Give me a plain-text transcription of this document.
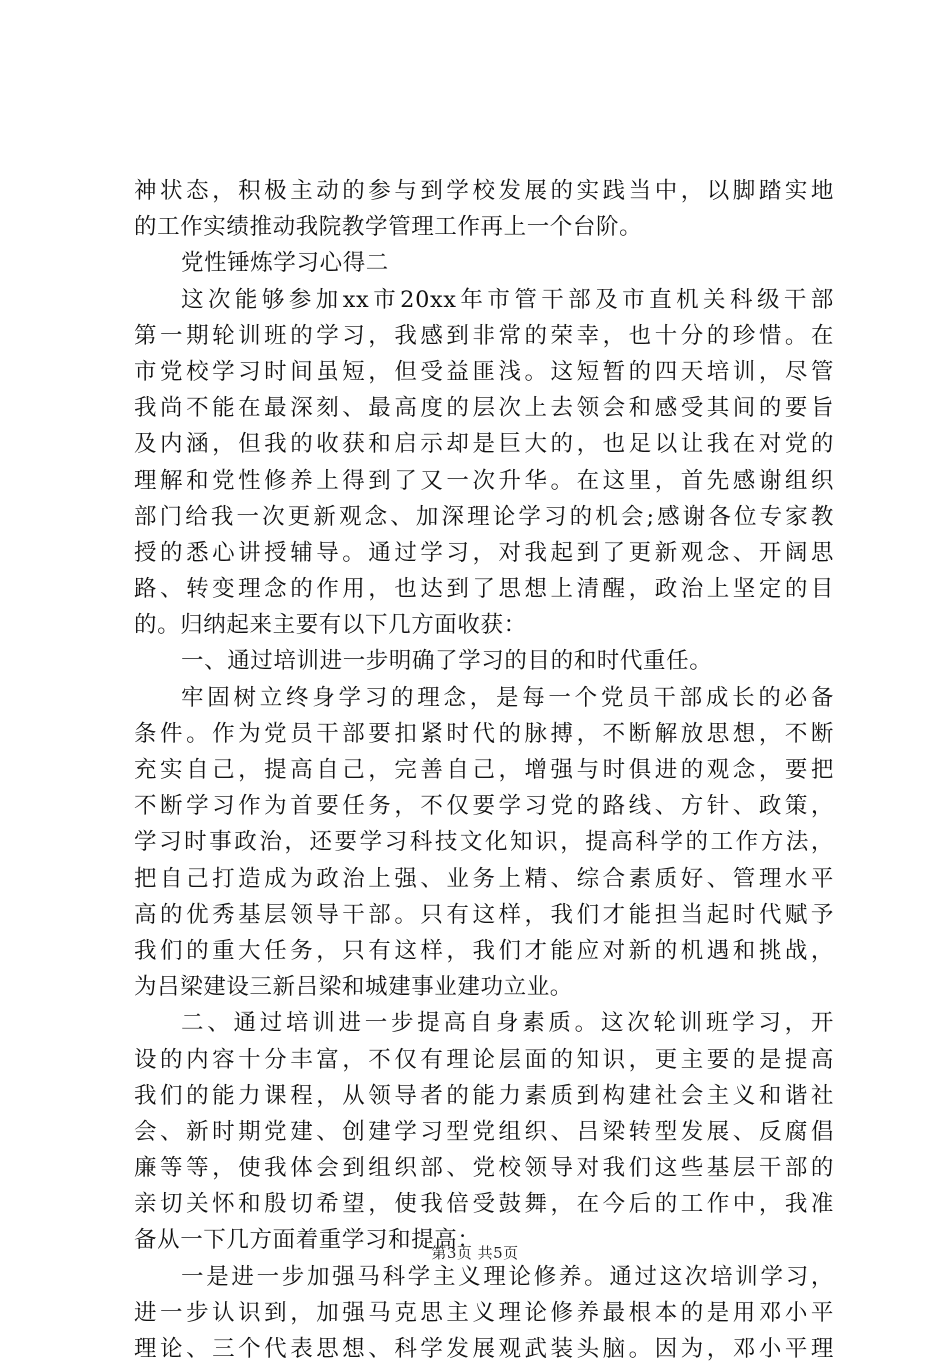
神状态，积极主动的参与到学校发展的实践当中，以脚踏实地
的工作实绩推动我院教学管理工作再上一个台阶。
党性锤炼学习心得二
这次能够参加xx市20xx年市管干部及市直机关科级干部
第一期轮训班的学习，我感到非常的荣幸，也十分的珍惜。在
市党校学习时间虽短，但受益匪浅。这短暂的四天培训，尽管
我尚不能在最深刻、最高度的层次上去领会和感受其间的要旨
及内涵，但我的收获和启示却是巨大的，也足以让我在对党的
理解和党性修养上得到了又一次升华。在这里，首先感谢组织
部门给我一次更新观念、加深理论学习的机会;感谢各位专家教
授的悉心讲授辅导。通过学习，对我起到了更新观念、开阔思
路、转变理念的作用，也达到了思想上清醒，政治上坚定的目
的。归纳起来主要有以下几方面收获：
一、通过培训进一步明确了学习的目的和时代重任。
牢固树立终身学习的理念，是每一个党员干部成长的必备
条件。作为党员干部要扣紧时代的脉搏，不断解放思想，不断
充实自己，提高自己，完善自己，增强与时俱进的观念，要把
不断学习作为首要任务，不仅要学习党的路线、方针、政策，
学习时事政治，还要学习科技文化知识，提高科学的工作方法，
把自己打造成为政治上强、业务上精、综合素质好、管理水平
高的优秀基层领导干部。只有这样，我们才能担当起时代赋予
我们的重大任务，只有这样，我们才能应对新的机遇和挑战，
为吕梁建设三新吕梁和城建事业建功立业。
二、通过培训进一步提高自身素质。这次轮训班学习，开
设的内容十分丰富，不仅有理论层面的知识，更主要的是提高
我们的能力课程，从领导者的能力素质到构建社会主义和谐社
会、新时期党建、创建学习型党组织、吕梁转型发展、反腐倡
廉等等，使我体会到组织部、党校领导对我们这些基层干部的
亲切关怀和殷切希望，使我倍受鼓舞，在今后的工作中，我准
备从一下几方面着重学习和提高：
一是进一步加强马科学主义理论修养。通过这次培训学习，
进一步认识到，加强马克思主义理论修养最根本的是用邓小平
理论、三个代表思想、科学发展观武装头脑。因为，邓小平理
第3页 共5页
